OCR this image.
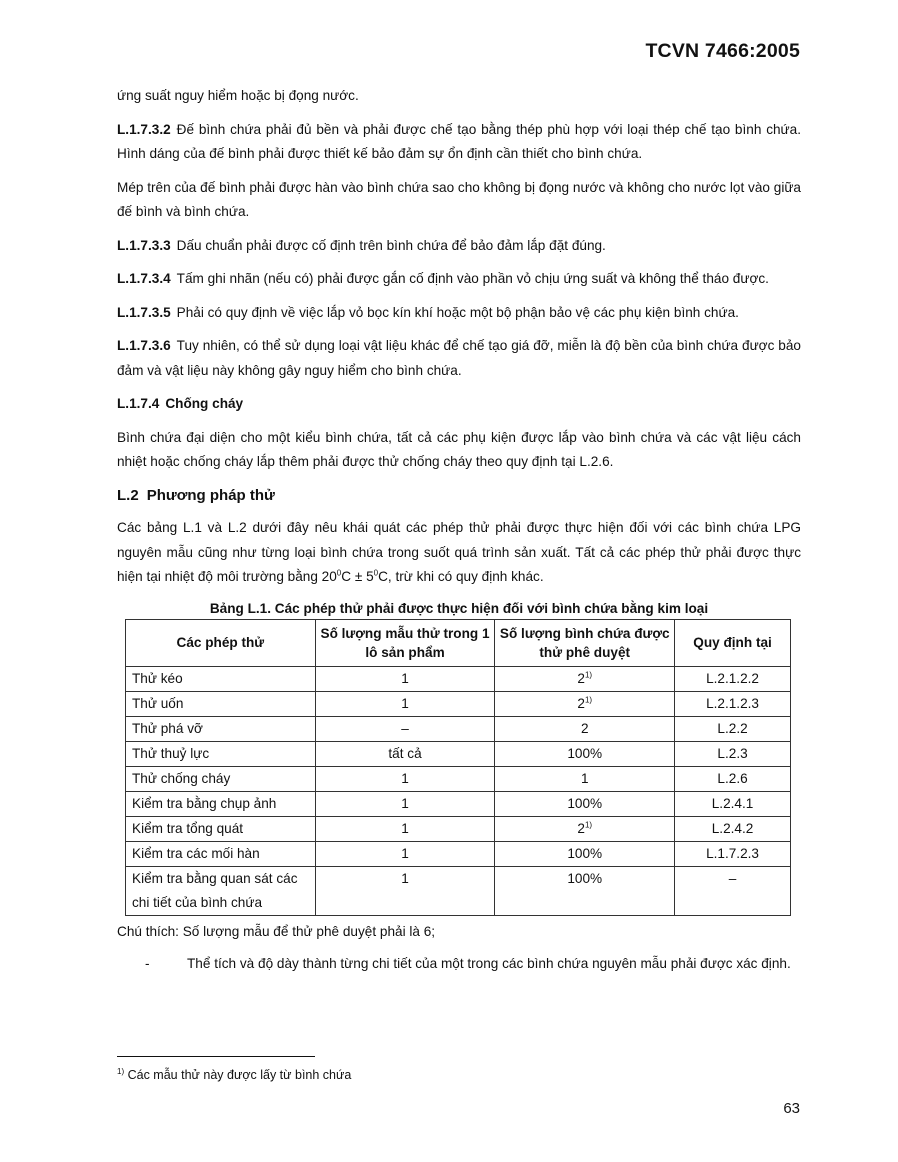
TCVN 7466:2005

ứng suất nguy hiểm hoặc bị đọng nước.

L.1.7.3.2 Đế bình chứa phải đủ bền và phải được chế tạo bằng thép phù hợp với loại thép chế tạo bình chứa. Hình dáng của đế bình phải được thiết kế bảo đảm sự ổn định cần thiết cho bình chứa.

Mép trên của đế bình phải được hàn vào bình chứa sao cho không bị đọng nước và không cho nước lọt vào giữa đế bình và bình chứa.

L.1.7.3.3 Dấu chuẩn phải được cố định trên bình chứa để bảo đảm lắp đặt đúng.

L.1.7.3.4 Tấm ghi nhãn (nếu có) phải được gắn cố định vào phần vỏ chịu ứng suất và không thể tháo được.

L.1.7.3.5 Phải có quy định về việc lắp vỏ bọc kín khí hoặc một bộ phận bảo vệ các phụ kiện bình chứa.

L.1.7.3.6 Tuy nhiên, có thể sử dụng loại vật liệu khác để chế tạo giá đỡ, miễn là độ bền của bình chứa được bảo đảm và vật liệu này không gây nguy hiểm cho bình chứa.

L.1.7.4 Chống cháy

Bình chứa đại diện cho một kiểu bình chứa, tất cả các phụ kiện được lắp vào bình chứa và các vật liệu cách nhiệt hoặc chống cháy lắp thêm phải được thử chống cháy theo quy định tại L.2.6.

L.2 Phương pháp thử

Các bảng L.1 và L.2 dưới đây nêu khái quát các phép thử phải được thực hiện đối với các bình chứa LPG nguyên mẫu cũng như từng loại bình chứa trong suốt quá trình sản xuất. Tất cả các phép thử phải được thực hiện tại nhiệt độ môi trường bằng $20^0C \pm 5^0C$, trừ khi có quy định khác.

Bảng L.1. Các phép thử phải được thực hiện đối với bình chứa bằng kim loại
Các phép thử	Số lượng mẫu thử trong 1 lô sản phẩm	Số lượng bình chứa được thử phê duyệt	Quy định tại
Thử kéo	1	2$^{1)}$	L.2.1.2.2
Thử uốn	1	2$^{1)}$	L.2.1.2.3
Thử phá vỡ	–	2	L.2.2
Thử thuỷ lực	tất cả	100%	L.2.3
Thử chống cháy	1	1	L.2.6
Kiểm tra bằng chụp ảnh	1	100%	L.2.4.1
Kiểm tra tổng quát	1	2$^{1)}$	L.2.4.2
Kiểm tra các mối hàn	1	100%	L.1.7.2.3
Kiểm tra bằng quan sát các chi tiết của bình chứa	1	100%	–
Chú thích: Số lượng mẫu để thử phê duyệt phải là 6;
-	Thể tích và độ dày thành từng chi tiết của một trong các bình chứa nguyên mẫu phải được xác định.
$^{1)}$ Các mẫu thử này được lấy từ bình chứa
63
